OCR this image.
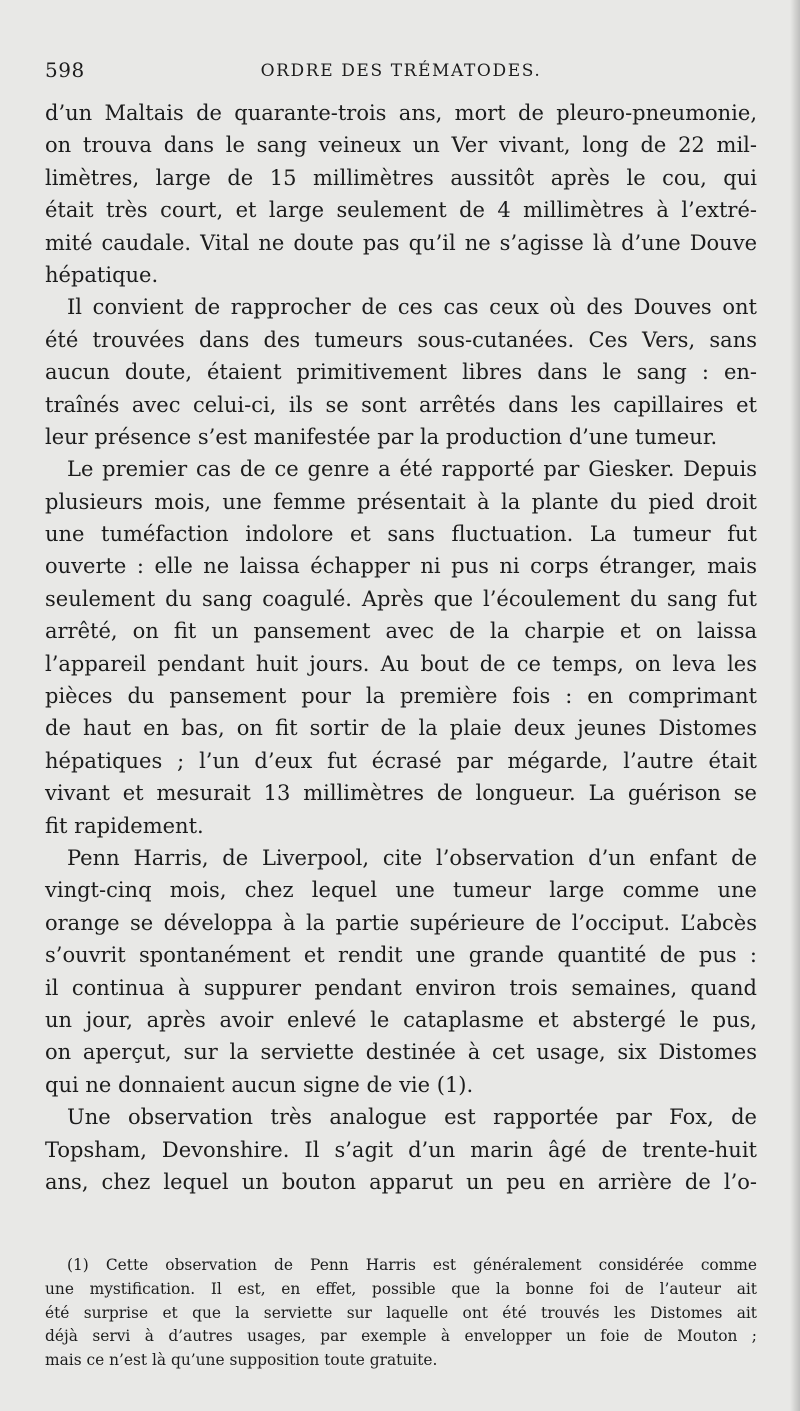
598	ORDRE DES TRÉMATODES.
d’un Maltais de quarante-trois ans, mort de pleuro-pneumonie,
on trouva dans le sang veineux un Ver vivant, long de 22 mil-
limètres, large de 15 millimètres aussitôt après le cou, qui
était très court, et large seulement de 4 millimètres à l’extré-
mité caudale. Vital ne doute pas qu’il ne s’agisse là d’une Douve
hépatique.
Il convient de rapprocher de ces cas ceux où des Douves ont
été trouvées dans des tumeurs sous-cutanées. Ces Vers, sans
aucun doute, étaient primitivement libres dans le sang : en-
traînés avec celui-ci, ils se sont arrêtés dans les capillaires et
leur présence s’est manifestée par la production d’une tumeur.
Le premier cas de ce genre a été rapporté par Giesker. Depuis
plusieurs mois, une femme présentait à la plante du pied droit
une tuméfaction indolore et sans fluctuation. La tumeur fut
ouverte : elle ne laissa échapper ni pus ni corps étranger, mais
seulement du sang coagulé. Après que l’écoulement du sang fut
arrêté, on fit un pansement avec de la charpie et on laissa
l’appareil pendant huit jours. Au bout de ce temps, on leva les
pièces du pansement pour la première fois : en comprimant
de haut en bas, on fit sortir de la plaie deux jeunes Distomes
hépatiques ; l’un d’eux fut écrasé par mégarde, l’autre était
vivant et mesurait 13 millimètres de longueur. La guérison se
fit rapidement.
Penn Harris, de Liverpool, cite l’observation d’un enfant de
vingt-cinq mois, chez lequel une tumeur large comme une
orange se développa à la partie supérieure de l’occiput. L’abcès
s’ouvrit spontanément et rendit une grande quantité de pus :
il continua à suppurer pendant environ trois semaines, quand
un jour, après avoir enlevé le cataplasme et abstergé le pus,
on aperçut, sur la serviette destinée à cet usage, six Distomes
qui ne donnaient aucun signe de vie (1).
Une observation très analogue est rapportée par Fox, de
Topsham, Devonshire. Il s’agit d’un marin âgé de trente-huit
ans, chez lequel un bouton apparut un peu en arrière de l’o-
(1) Cette observation de Penn Harris est généralement considérée comme
une mystification. Il est, en effet, possible que la bonne foi de l’auteur ait
été surprise et que la serviette sur laquelle ont été trouvés les Distomes ait
déjà servi à d’autres usages, par exemple à envelopper un foie de Mouton ;
mais ce n’est là qu’une supposition toute gratuite.
